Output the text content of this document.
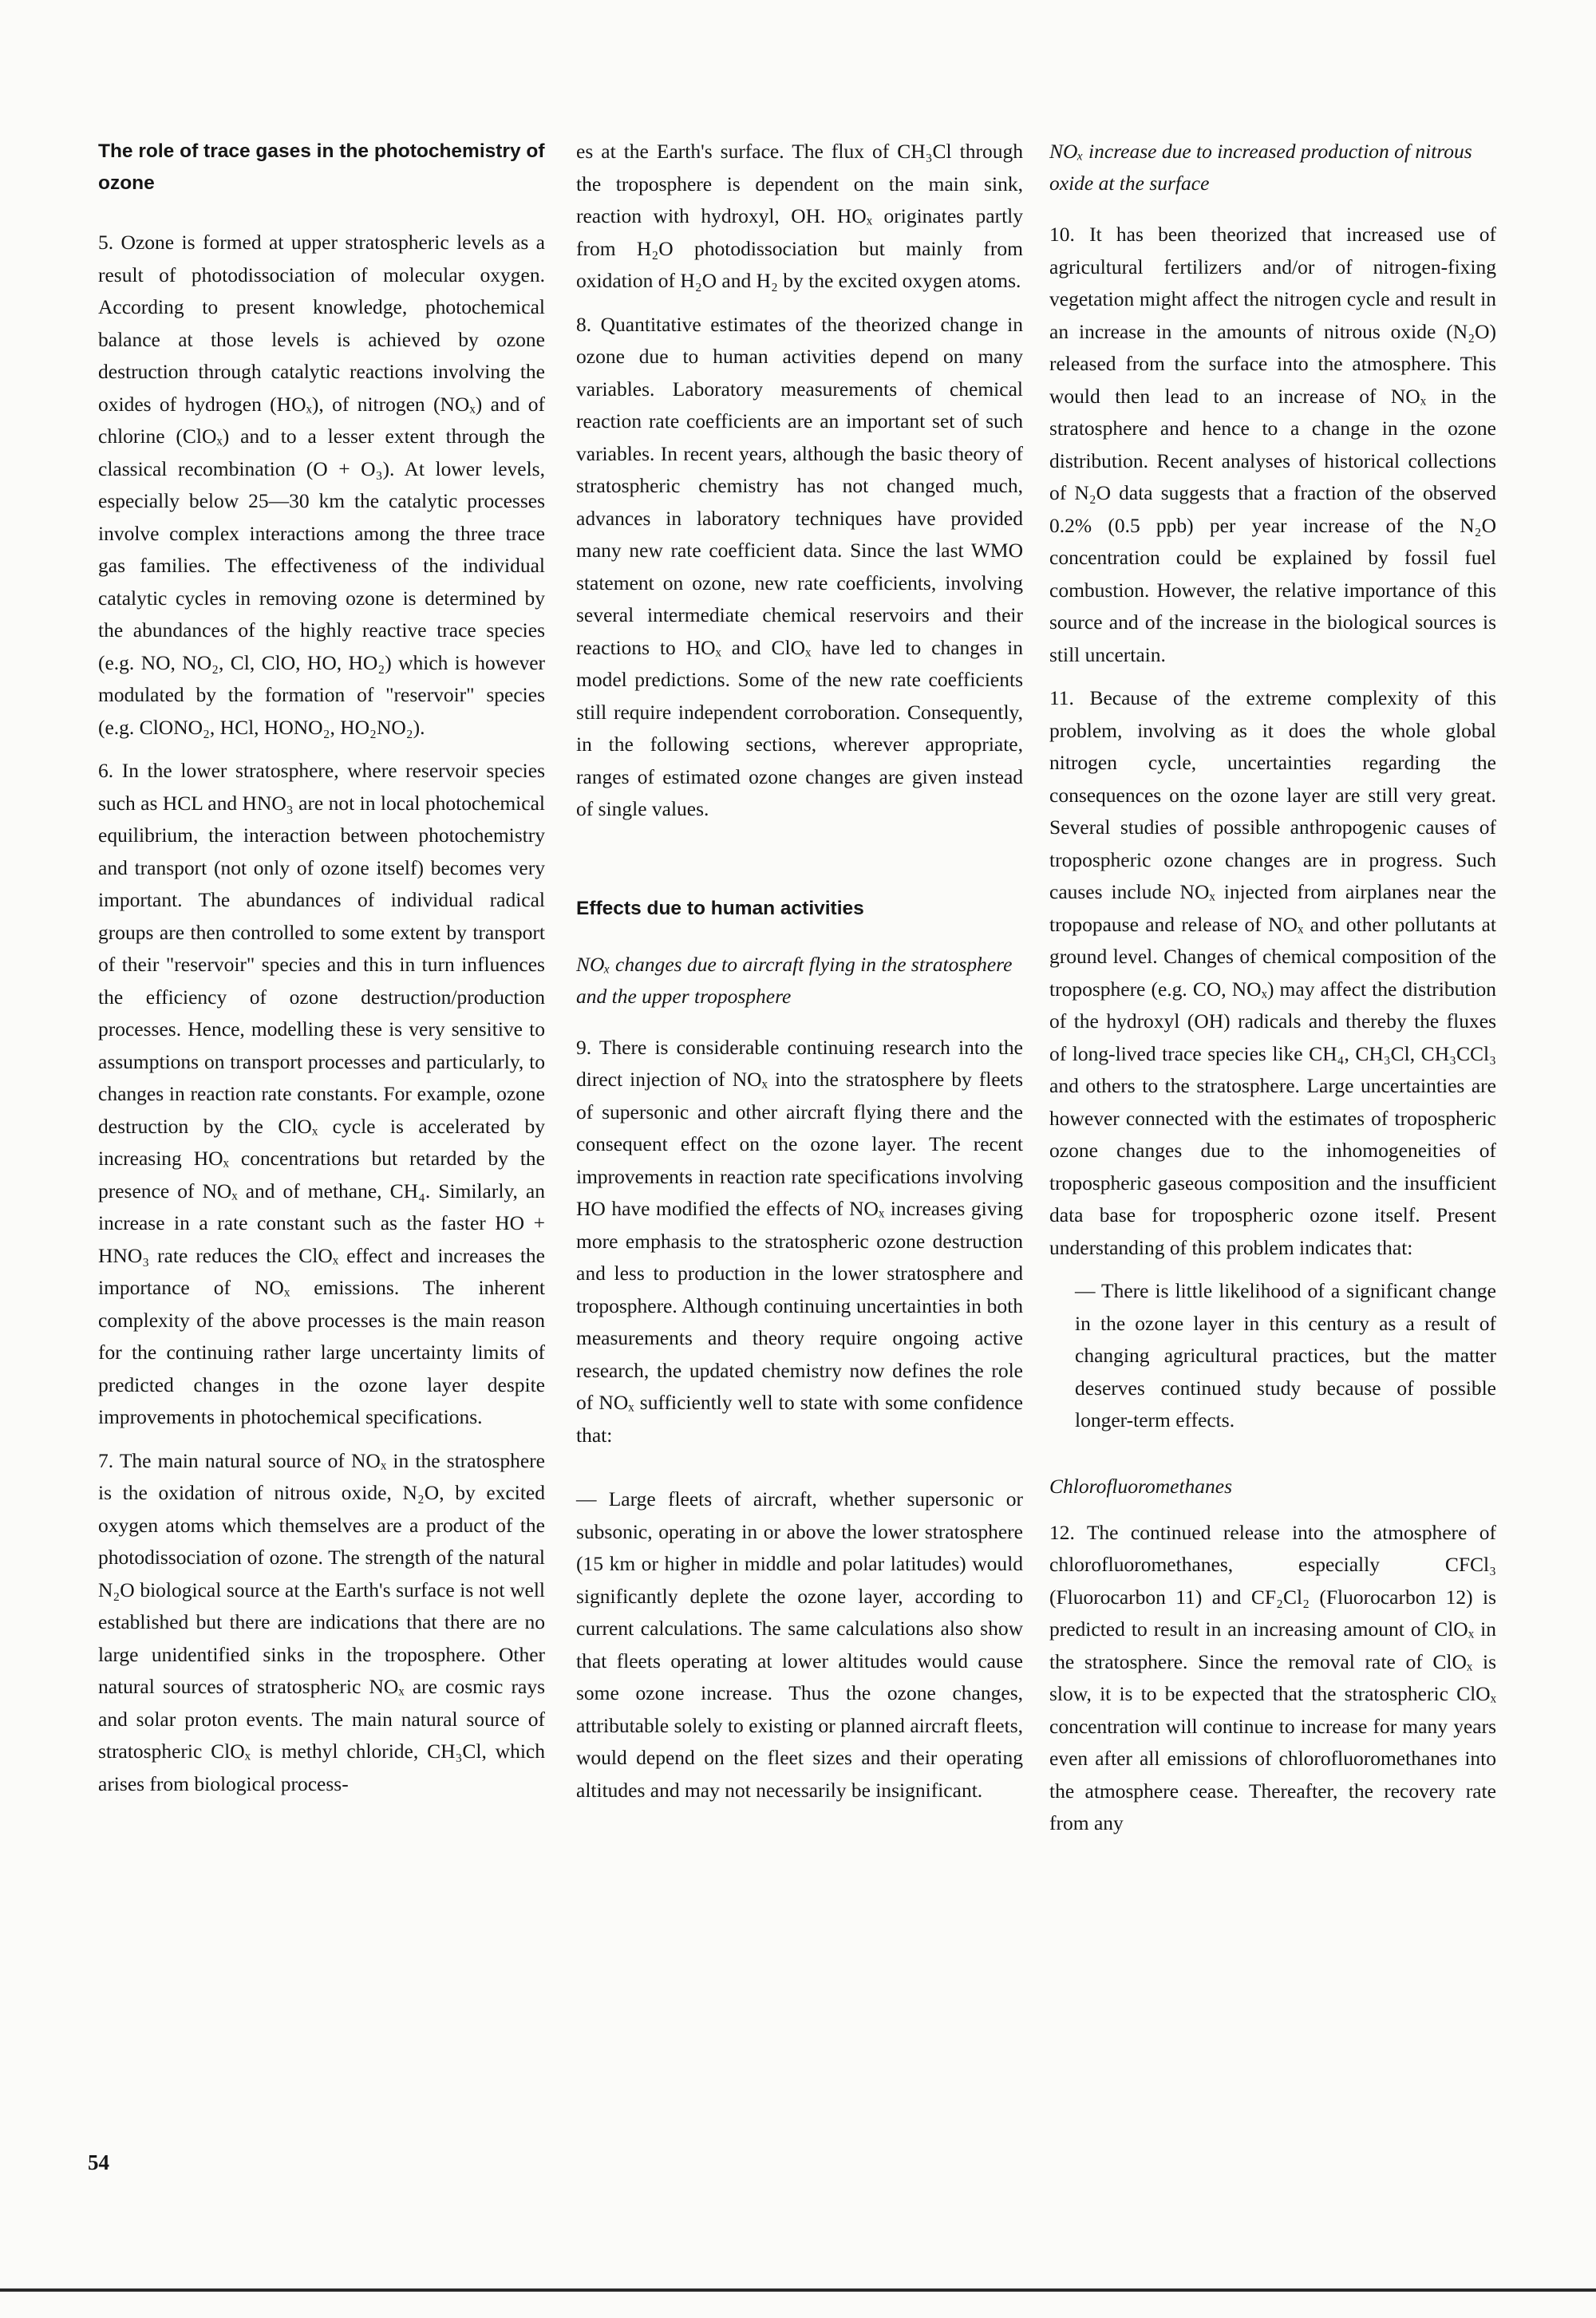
The role of trace gases in the photochemistry of ozone

5. Ozone is formed at upper stratospheric levels as a result of photodissociation of molecular oxygen. According to present knowledge, photochemical balance at those levels is achieved by ozone destruction through catalytic reactions involving the oxides of hydrogen (HOₓ), of nitrogen (NOₓ) and of chlorine (ClOₓ) and to a lesser extent through the classical recombination (O + O₃). At lower levels, especially below 25—30 km the catalytic processes involve complex interactions among the three trace gas families. The effectiveness of the individual catalytic cycles in removing ozone is determined by the abundances of the highly reactive trace species (e.g. NO, NO₂, Cl, ClO, HO, HO₂) which is however modulated by the formation of "reservoir" species (e.g. ClONO₂, HCl, HONO₂, HO₂NO₂).

6. In the lower stratosphere, where reservoir species such as HCL and HNO₃ are not in local photochemical equilibrium, the interaction between photochemistry and transport (not only of ozone itself) becomes very important. The abundances of individual radical groups are then controlled to some extent by transport of their "reservoir" species and this in turn influences the efficiency of ozone destruction/production processes. Hence, modelling these is very sensitive to assumptions on transport processes and particularly, to changes in reaction rate constants. For example, ozone destruction by the ClOₓ cycle is accelerated by increasing HOₓ concentrations but retarded by the presence of NOₓ and of methane, CH₄. Similarly, an increase in a rate constant such as the faster HO + HNO₃ rate reduces the ClOₓ effect and increases the importance of NOₓ emissions. The inherent complexity of the above processes is the main reason for the continuing rather large uncertainty limits of predicted changes in the ozone layer despite improvements in photochemical specifications.

7. The main natural source of NOₓ in the stratosphere is the oxidation of nitrous oxide, N₂O, by excited oxygen atoms which themselves are a product of the photodissociation of ozone. The strength of the natural N₂O biological source at the Earth's surface is not well established but there are indications that there are no large unidentified sinks in the troposphere. Other natural sources of stratospheric NOₓ are cosmic rays and solar proton events. The main natural source of stratospheric ClOₓ is methyl chloride, CH₃Cl, which arises from biological process-

es at the Earth's surface. The flux of CH₃Cl through the troposphere is dependent on the main sink, reaction with hydroxyl, OH. HOₓ originates partly from H₂O photodissociation but mainly from oxidation of H₂O and H₂ by the excited oxygen atoms.

8. Quantitative estimates of the theorized change in ozone due to human activities depend on many variables. Laboratory measurements of chemical reaction rate coefficients are an important set of such variables. In recent years, although the basic theory of stratospheric chemistry has not changed much, advances in laboratory techniques have provided many new rate coefficient data. Since the last WMO statement on ozone, new rate coefficients, involving several intermediate chemical reservoirs and their reactions to HOₓ and ClOₓ have led to changes in model predictions. Some of the new rate coefficients still require independent corroboration. Consequently, in the following sections, wherever appropriate, ranges of estimated ozone changes are given instead of single values.

Effects due to human activities

NOₓ changes due to aircraft flying in the stratosphere and the upper troposphere

9. There is considerable continuing research into the direct injection of NOₓ into the stratosphere by fleets of supersonic and other aircraft flying there and the consequent effect on the ozone layer. The recent improvements in reaction rate specifications involving HO have modified the effects of NOₓ increases giving more emphasis to the stratospheric ozone destruction and less to production in the lower stratosphere and troposphere. Although continuing uncertainties in both measurements and theory require ongoing active research, the updated chemistry now defines the role of NOₓ sufficiently well to state with some confidence that:

— Large fleets of aircraft, whether supersonic or subsonic, operating in or above the lower stratosphere (15 km or higher in middle and polar latitudes) would significantly deplete the ozone layer, according to current calculations. The same calculations also show that fleets operating at lower altitudes would cause some ozone increase. Thus the ozone changes, attributable solely to existing or planned aircraft fleets, would depend on the fleet sizes and their operating altitudes and may not necessarily be insignificant.

NOₓ increase due to increased production of nitrous oxide at the surface

10. It has been theorized that increased use of agricultural fertilizers and/or of nitrogen-fixing vegetation might affect the nitrogen cycle and result in an increase in the amounts of nitrous oxide (N₂O) released from the surface into the atmosphere. This would then lead to an increase of NOₓ in the stratosphere and hence to a change in the ozone distribution. Recent analyses of historical collections of N₂O data suggests that a fraction of the observed 0.2% (0.5 ppb) per year increase of the N₂O concentration could be explained by fossil fuel combustion. However, the relative importance of this source and of the increase in the biological sources is still uncertain.

11. Because of the extreme complexity of this problem, involving as it does the whole global nitrogen cycle, uncertainties regarding the consequences on the ozone layer are still very great. Several studies of possible anthropogenic causes of tropospheric ozone changes are in progress. Such causes include NOₓ injected from airplanes near the tropopause and release of NOₓ and other pollutants at ground level. Changes of chemical composition of the troposphere (e.g. CO, NOₓ) may affect the distribution of the hydroxyl (OH) radicals and thereby the fluxes of long-lived trace species like CH₄, CH₃Cl, CH₃CCl₃ and others to the stratosphere. Large uncertainties are however connected with the estimates of tropospheric ozone changes due to the inhomogeneities of tropospheric gaseous composition and the insufficient data base for tropospheric ozone itself. Present understanding of this problem indicates that:

— There is little likelihood of a significant change in the ozone layer in this century as a result of changing agricultural practices, but the matter deserves continued study because of possible longer-term effects.

Chlorofluoromethanes

12. The continued release into the atmosphere of chlorofluoromethanes, especially CFCl₃ (Fluorocarbon 11) and CF₂Cl₂ (Fluorocarbon 12) is predicted to result in an increasing amount of ClOₓ in the stratosphere. Since the removal rate of ClOₓ is slow, it is to be expected that the stratospheric ClOₓ concentration will continue to increase for many years even after all emissions of chlorofluoromethanes into the atmosphere cease. Thereafter, the recovery rate from any

54
